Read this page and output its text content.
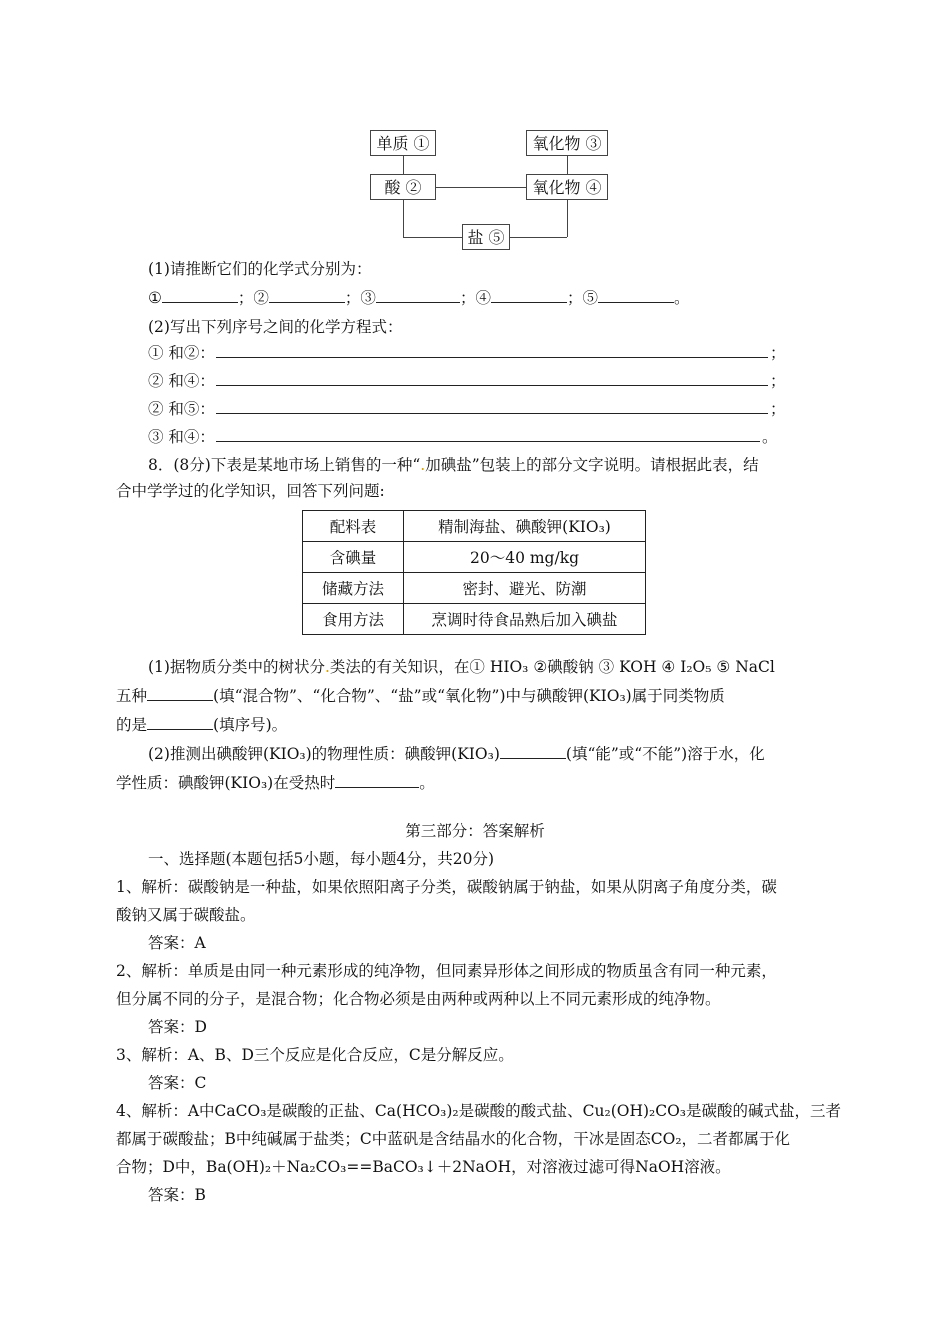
单质 ①	氧化物 ③
酸 ②	氧化物 ④
盐 ⑤
(1)请推断它们的化学式分别为：
①	；②	；③	；④	；⑤	。
(2)写出下列序号之间的化学方程式：
① 和②：	；
② 和④：	；
② 和⑤：	；
③ 和④：	。
8．(8分)下表是某地市场上销售的一种“.加碘盐”包装上的部分文字说明。请根据此表，结
合中学学过的化学知识，回答下列问题:
配料表	精制海盐、碘酸钾(KIO₃)
含碘量	20～40 mg/kg
储藏方法	密封、避光、防潮
食用方法	烹调时待食品熟后加入碘盐
(1)据物质分类中的树状分.类法的有关知识，在① HIO₃ ②碘酸钠 ③ KOH ④ I₂O₅ ⑤ NaCl
五种	(填“混合物”、“化合物”、“盐”或“氧化物”)中与碘酸钾(KIO₃)属于同类物质
的是	(填序号)。
(2)推测出碘酸钾(KIO₃)的物理性质：碘酸钾(KIO₃)	(填“能”或“不能”)溶于水，化
学性质：碘酸钾(KIO₃)在受热时	。
第三部分：答案解析
一、选择题(本题包括5小题，每小题4分，共20分)
1、解析：碳酸钠是一种盐，如果依照阳离子分类，碳酸钠属于钠盐，如果从阴离子角度分类，碳
酸钠又属于碳酸盐。
答案：A
2、解析：单质是由同一种元素形成的纯净物，但同素异形体之间形成的物质虽含有同一种元素，
但分属不同的分子，是混合物；化合物必须是由两种或两种以上不同元素形成的纯净物。
答案：D
3、解析：A、B、D三个反应是化合反应，C是分解反应。
答案：C
4、解析：A中CaCO₃是碳酸的正盐、Ca(HCO₃)₂是碳酸的酸式盐、Cu₂(OH)₂CO₃是碳酸的碱式盐，三者
都属于碳酸盐；B中纯碱属于盐类；C中蓝矾是含结晶水的化合物，干冰是固态CO₂，二者都属于化
合物；D中，Ba(OH)₂＋Na₂CO₃==BaCO₃↓＋2NaOH，对溶液过滤可得NaOH溶液。
答案：B
